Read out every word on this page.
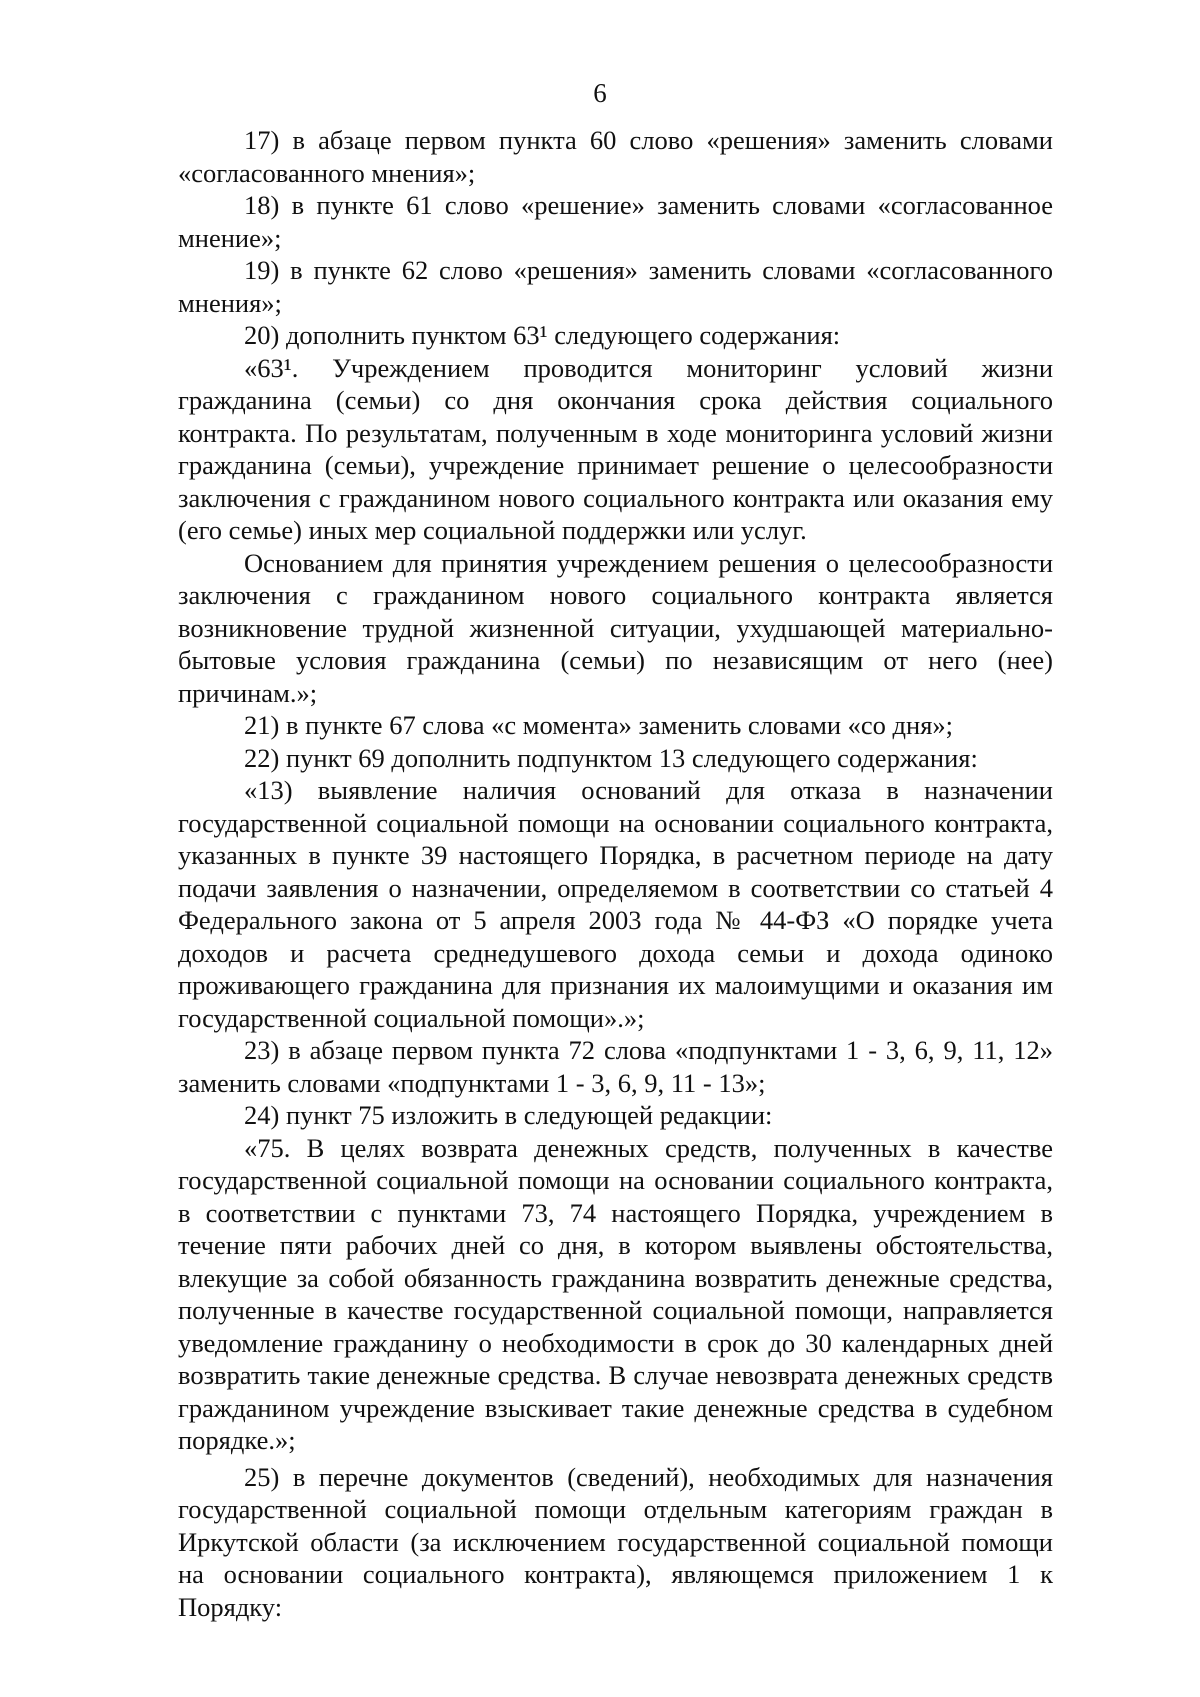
6

17) в абзаце первом пункта 60 слово «решения» заменить словами «согласованного мнения»;

18) в пункте 61 слово «решение» заменить словами «согласованное мнение»;

19) в пункте 62 слово «решения» заменить словами «согласованного мнения»;

20) дополнить пунктом 63¹ следующего содержания:

«63¹. Учреждением проводится мониторинг условий жизни гражданина (семьи) со дня окончания срока действия социального контракта. По результатам, полученным в ходе мониторинга условий жизни гражданина (семьи), учреждение принимает решение о целесообразности заключения с гражданином нового социального контракта или оказания ему (его семье) иных мер социальной поддержки или услуг.

Основанием для принятия учреждением решения о целесообразности заключения с гражданином нового социального контракта является возникновение трудной жизненной ситуации, ухудшающей материально-бытовые условия гражданина (семьи) по независящим от него (нее) причинам.»;

21) в пункте 67 слова «с момента» заменить словами «со дня»;

22) пункт 69 дополнить подпунктом 13 следующего содержания:

«13) выявление наличия оснований для отказа в назначении государственной социальной помощи на основании социального контракта, указанных в пункте 39 настоящего Порядка, в расчетном периоде на дату подачи заявления о назначении, определяемом в соответствии со статьей 4 Федерального закона от 5 апреля 2003 года № 44-ФЗ «О порядке учета доходов и расчета среднедушевого дохода семьи и дохода одиноко проживающего гражданина для признания их малоимущими и оказания им государственной социальной помощи».»;

23) в абзаце первом пункта 72 слова «подпунктами 1 - 3, 6, 9, 11, 12» заменить словами «подпунктами 1 - 3, 6, 9, 11 - 13»;

24) пункт 75 изложить в следующей редакции:

«75. В целях возврата денежных средств, полученных в качестве государственной социальной помощи на основании социального контракта, в соответствии с пунктами 73, 74 настоящего Порядка, учреждением в течение пяти рабочих дней со дня, в котором выявлены обстоятельства, влекущие за собой обязанность гражданина возвратить денежные средства, полученные в качестве государственной социальной помощи, направляется уведомление гражданину о необходимости в срок до 30 календарных дней возвратить такие денежные средства. В случае невозврата денежных средств гражданином учреждение взыскивает такие денежные средства в судебном порядке.»;

25) в перечне документов (сведений), необходимых для назначения государственной социальной помощи отдельным категориям граждан в Иркутской области (за исключением государственной социальной помощи на основании социального контракта), являющемся приложением 1 к Порядку:
